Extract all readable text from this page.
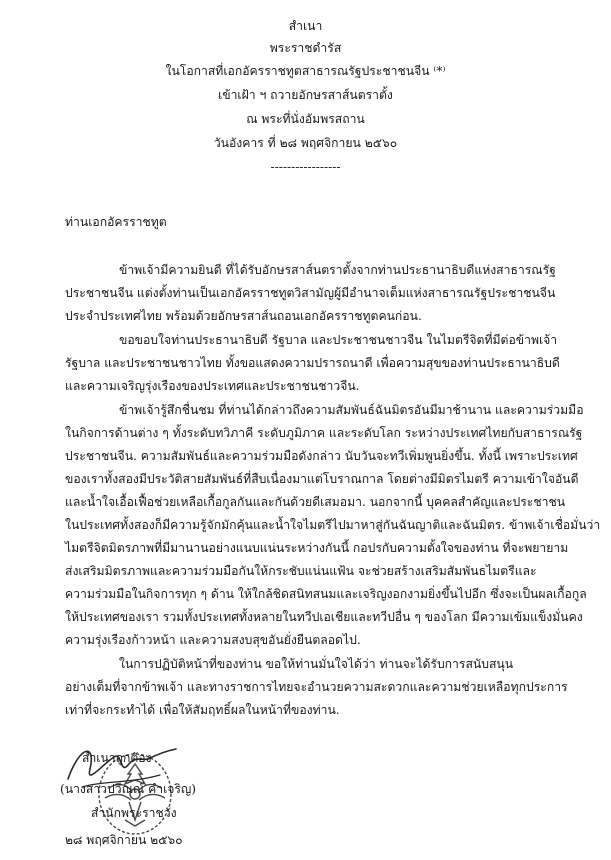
สำเนา
พระราชดำรัส
ในโอกาสที่เอกอัครราชทูตสาธารณรัฐประชาชนจีน ⁽*⁾
เข้าเฝ้า ฯ ถวายอักษรสาส์นตราตั้ง
ณ พระที่นั่งอัมพรสถาน
วันอังคาร ที่ ๒๘ พฤศจิกายน ๒๕๖๐
-----------------
ท่านเอกอัครราชทูต
ข้าพเจ้ามีความยินดี ที่ได้รับอักษรสาส์นตราตั้งจากท่านประธานาธิบดีแห่งสาธารณรัฐ
ประชาชนจีน แต่งตั้งท่านเป็นเอกอัครราชทูตวิสามัญผู้มีอำนาจเต็มแห่งสาธารณรัฐประชาชนจีน
ประจำประเทศไทย พร้อมด้วยอักษรสาส์นถอนเอกอัครราชทูตคนก่อน.
ขอขอบใจท่านประธานาธิบดี รัฐบาล และประชาชนชาวจีน ในไมตรีจิตที่มีต่อข้าพเจ้า
รัฐบาล และประชาชนชาวไทย ทั้งขอแสดงความปรารถนาดี เพื่อความสุขของท่านประธานาธิบดี
และความเจริญรุ่งเรืองของประเทศและประชาชนชาวจีน.
ข้าพเจ้ารู้สึกชื่นชม ที่ท่านได้กล่าวถึงความสัมพันธ์ฉันมิตรอันมีมาช้านาน และความร่วมมือ
ในกิจการด้านต่าง ๆ ทั้งระดับทวิภาคี ระดับภูมิภาค และระดับโลก ระหว่างประเทศไทยกับสาธารณรัฐ
ประชาชนจีน. ความสัมพันธ์และความร่วมมือดังกล่าว นับวันจะทวีเพิ่มพูนยิ่งขึ้น. ทั้งนี้ เพราะประเทศ
ของเราทั้งสองมีประวัติสายสัมพันธ์ที่สืบเนื่องมาแต่โบราณกาล โดยต่างมีมิตรไมตรี ความเข้าใจอันดี
และน้ำใจเอื้อเฟื้อช่วยเหลือเกื้อกูลกันและกันด้วยดีเสมอมา. นอกจากนี้ บุคคลสำคัญและประชาชน
ในประเทศทั้งสองก็มีความรู้จักมักคุ้นและน้ำใจไมตรีไปมาหาสู่กันฉันญาติและฉันมิตร. ข้าพเจ้าเชื่อมั่นว่า
ไมตรีจิตมิตรภาพที่มีมานานอย่างแนบแน่นระหว่างกันนี้ กอปรกับความตั้งใจของท่าน ที่จะพยายาม
ส่งเสริมมิตรภาพและความร่วมมือกันให้กระชับแน่นแฟ้น จะช่วยสร้างเสริมสัมพันธไมตรีและ
ความร่วมมือในกิจการทุก ๆ ด้าน ให้ใกล้ชิดสนิทสนมและเจริญงอกงามยิ่งขึ้นไปอีก ซึ่งจะเป็นผลเกื้อกูล
ให้ประเทศของเรา รวมทั้งประเทศทั้งหลายในทวีปเอเชียและทวีปอื่น ๆ ของโลก มีความเข้มแข็งมั่นคง
ความรุ่งเรืองก้าวหน้า และความสงบสุขอันยั่งยืนตลอดไป.
ในการปฏิบัติหน้าที่ของท่าน ขอให้ท่านมั่นใจได้ว่า ท่านจะได้รับการสนับสนุน
อย่างเต็มที่จากข้าพเจ้า และทางราชการไทยจะอำนวยความสะดวกและความช่วยเหลือทุกประการ
เท่าที่จะกระทำได้ เพื่อให้สัมฤทธิ์ผลในหน้าที่ของท่าน.
สำเนาถูกต้อง
(นางสาวปวีณณ์ คำเจริญ)
สำนักพระราชวัง
๒๘ พฤศจิกายน ๒๕๖๐
